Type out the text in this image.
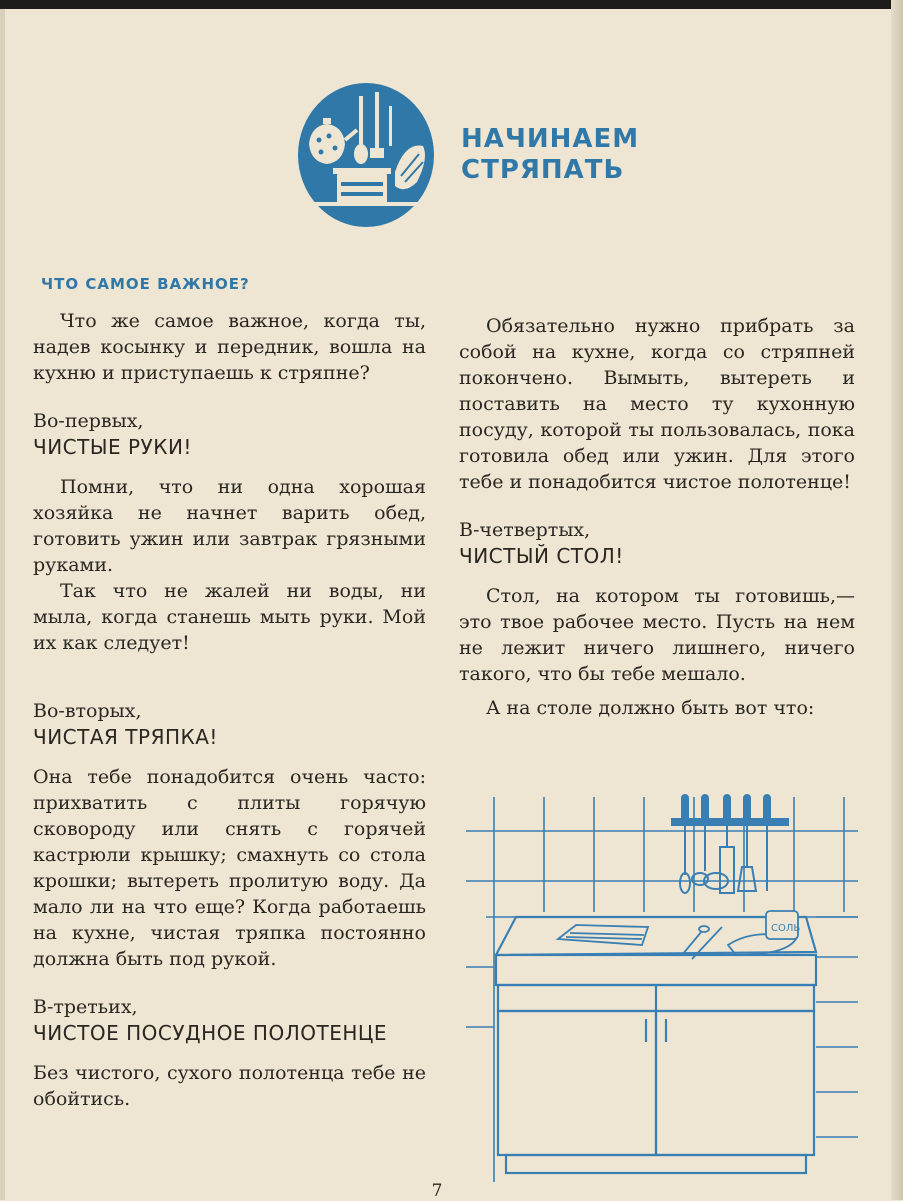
НАЧИНАЕМ
СТРЯПАТЬ
ЧТО САМОЕ ВАЖНОЕ?

Что же самое важное, когда ты, надев косынку и передник, вошла на кухню и приступаешь к стряпне?

Во-первых,
ЧИСТЫЕ РУКИ!

Помни, что ни одна хорошая хозяйка не начнет варить обед, готовить ужин или завтрак грязными руками.

Так что не жалей ни воды, ни мыла, когда станешь мыть руки. Мой их как следует!

Во-вторых,
ЧИСТАЯ ТРЯПКА!

Она тебе понадобится очень часто: прихватить с плиты горячую сковороду или снять с горячей кастрюли крышку; смахнуть со стола крошки; вытереть пролитую воду. Да мало ли на что еще? Когда работаешь на кухне, чистая тряпка постоянно должна быть под рукой.

В-третьих,
ЧИСТОЕ ПОСУДНОЕ ПОЛОТЕНЦЕ

Без чистого, сухого полотенца тебе не обойтись.

Обязательно нужно прибрать за собой на кухне, когда со стряпней покончено. Вымыть, вытереть и поставить на место ту кухонную посуду, которой ты пользовалась, пока готовила обед или ужин. Для этого тебе и понадобится чистое полотенце!

В-четвертых,
ЧИСТЫЙ СТОЛ!

Стол, на котором ты готовишь,— это твое рабочее место. Пусть на нем не лежит ничего лишнего, ничего такого, что бы тебе мешало.

А на столе должно быть вот что:

СОЛЬ
7
